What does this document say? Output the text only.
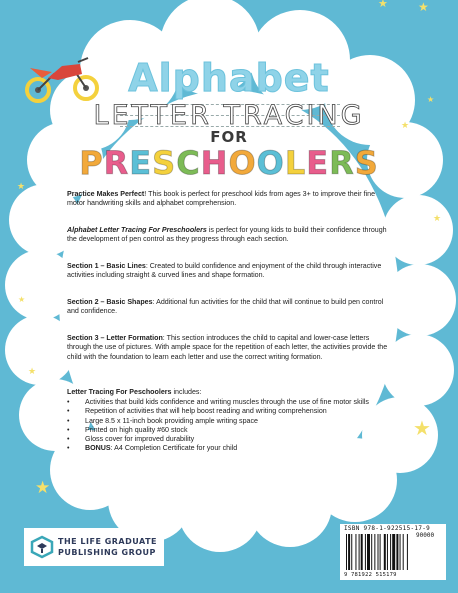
★	★
★
★
★
★
★
★
★
★
Alphabet
LETTER TRACING
FOR
PRESCHOOLERS

Practice Makes Perfect! This book is perfect for preschool kids from ages 3+ to improve their fine motor handwriting skills and alphabet comprehension.

Alphabet Letter Tracing For Preschoolers is perfect for young kids to build their confidence through the development of pen control as they progress through each section.

Section 1 – Basic Lines: Created to build confidence and enjoyment of the child through interactive activities including straight & curved lines and shape formation.

Section 2 – Basic Shapes: Additional fun activities for the child that will continue to build pen control and confidence.

Section 3 – Letter Formation: This section introduces the child to capital and lower-case letters through the use of pictures. With ample space for the repetition of each letter, the activities provide the child with the foundation to learn each letter and use the correct writing formation.

Letter Tracing For Peschoolers includes:

• Activities that build kids confidence and writing muscles through the use of fine motor skills
• Repetition of activities that will help boost reading and writing comprehension
• Large 8.5 x 11-inch book providing ample writing space
• Printed on high quality #60 stock
• Gloss cover for improved durability
• BONUS: A4 Completion Certificate for your child
THE LIFE GRADUATE
PUBLISHING GROUP
ISBN 978-1-922515-17-9
90000
9 781922 515179
